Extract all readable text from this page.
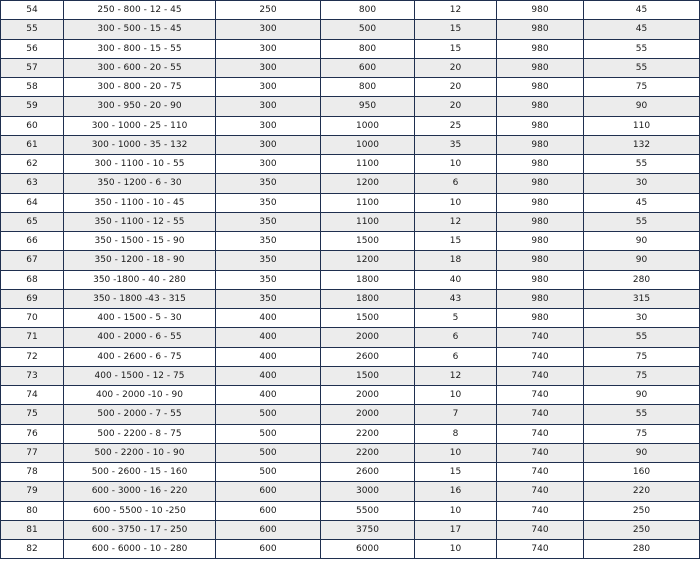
54	250 - 800 - 12 - 45	250	800	12	980	45
55	300 - 500 - 15 - 45	300	500	15	980	45
56	300 - 800 - 15 - 55	300	800	15	980	55
57	300 - 600 - 20 - 55	300	600	20	980	55
58	300 - 800 - 20 - 75	300	800	20	980	75
59	300 - 950 - 20 - 90	300	950	20	980	90
60	300 - 1000 - 25 - 110	300	1000	25	980	110
61	300 - 1000 - 35 - 132	300	1000	35	980	132
62	300 - 1100 - 10 - 55	300	1100	10	980	55
63	350 - 1200 - 6 - 30	350	1200	6	980	30
64	350 - 1100 - 10 - 45	350	1100	10	980	45
65	350 - 1100 - 12 - 55	350	1100	12	980	55
66	350 - 1500 - 15 - 90	350	1500	15	980	90
67	350 - 1200 - 18 - 90	350	1200	18	980	90
68	350 -1800 - 40 - 280	350	1800	40	980	280
69	350 - 1800 -43 - 315	350	1800	43	980	315
70	400 - 1500 - 5 - 30	400	1500	5	980	30
71	400 - 2000 - 6 - 55	400	2000	6	740	55
72	400 - 2600 - 6 - 75	400	2600	6	740	75
73	400 - 1500 - 12 - 75	400	1500	12	740	75
74	400 - 2000 -10 - 90	400	2000	10	740	90
75	500 - 2000 - 7 - 55	500	2000	7	740	55
76	500 - 2200 - 8 - 75	500	2200	8	740	75
77	500 - 2200 - 10 - 90	500	2200	10	740	90
78	500 - 2600 - 15 - 160	500	2600	15	740	160
79	600 - 3000 - 16 - 220	600	3000	16	740	220
80	600 - 5500 - 10 -250	600	5500	10	740	250
81	600 - 3750 - 17 - 250	600	3750	17	740	250
82	600 - 6000 - 10 - 280	600	6000	10	740	280
